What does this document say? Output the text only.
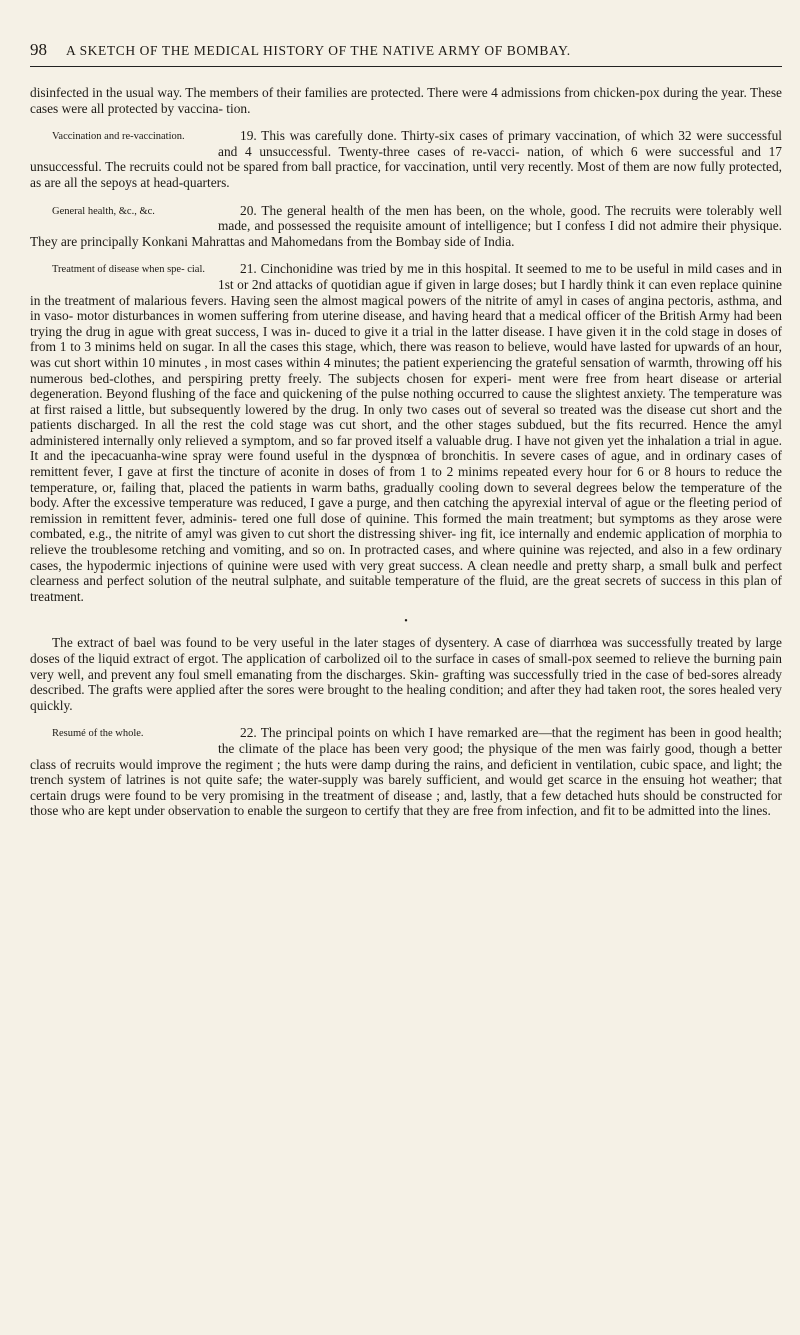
98	A SKETCH OF THE MEDICAL HISTORY OF THE NATIVE ARMY OF BOMBAY.

disinfected in the usual way. The members of their families are protected. There were 4 admissions from chicken-pox during the year. These cases were all protected by vaccina- tion.

Vaccination and re-vaccination.	19. This was carefully done. Thirty-six cases of primary vaccination, of which 32 were successful and 4 unsuccessful. Twenty-three cases of re-vacci- nation, of which 6 were successful and 17 unsuccessful. The recruits could not be spared from ball practice, for vaccination, until very recently. Most of them are now fully protected, as are all the sepoys at head-quarters.

General health, &c., &c.	20. The general health of the men has been, on the whole, good. The recruits were tolerably well made, and possessed the requisite amount of intelligence; but I confess I did not admire their physique. They are principally Konkani Mahrattas and Mahomedans from the Bombay side of India.

Treatment of disease when spe- cial.	21. Cinchonidine was tried by me in this hospital. It seemed to me to be useful in mild cases and in 1st or 2nd attacks of quotidian ague if given in large doses; but I hardly think it can even replace quinine in the treatment of malarious fevers. Having seen the almost magical powers of the nitrite of amyl in cases of angina pectoris, asthma, and in vaso- motor disturbances in women suffering from uterine disease, and having heard that a medical officer of the British Army had been trying the drug in ague with great success, I was in- duced to give it a trial in the latter disease. I have given it in the cold stage in doses of from 1 to 3 minims held on sugar. In all the cases this stage, which, there was reason to believe, would have lasted for upwards of an hour, was cut short within 10 minutes , in most cases within 4 minutes; the patient experiencing the grateful sensation of warmth, throwing off his numerous bed-clothes, and perspiring pretty freely. The subjects chosen for experi- ment were free from heart disease or arterial degeneration. Beyond flushing of the face and quickening of the pulse nothing occurred to cause the slightest anxiety. The temperature was at first raised a little, but subsequently lowered by the drug. In only two cases out of several so treated was the disease cut short and the patients discharged. In all the rest the cold stage was cut short, and the other stages subdued, but the fits recurred. Hence the amyl administered internally only relieved a symptom, and so far proved itself a valuable drug. I have not given yet the inhalation a trial in ague. It and the ipecacuanha-wine spray were found useful in the dyspnœa of bronchitis. In severe cases of ague, and in ordinary cases of remittent fever, I gave at first the tincture of aconite in doses of from 1 to 2 minims repeated every hour for 6 or 8 hours to reduce the temperature, or, failing that, placed the patients in warm baths, gradually cooling down to several degrees below the temperature of the body. After the excessive temperature was reduced, I gave a purge, and then catching the apyrexial interval of ague or the fleeting period of remission in remittent fever, adminis- tered one full dose of quinine. This formed the main treatment; but symptoms as they arose were combated, e.g., the nitrite of amyl was given to cut short the distressing shiver- ing fit, ice internally and endemic application of morphia to relieve the troublesome retching and vomiting, and so on. In protracted cases, and where quinine was rejected, and also in a few ordinary cases, the hypodermic injections of quinine were used with very great success. A clean needle and pretty sharp, a small bulk and perfect clearness and perfect solution of the neutral sulphate, and suitable temperature of the fluid, are the great secrets of success in this plan of treatment.

•

The extract of bael was found to be very useful in the later stages of dysentery. A case of diarrhœa was successfully treated by large doses of the liquid extract of ergot. The application of carbolized oil to the surface in cases of small-pox seemed to relieve the burning pain very well, and prevent any foul smell emanating from the discharges. Skin- grafting was successfully tried in the case of bed-sores already described. The grafts were applied after the sores were brought to the healing condition; and after they had taken root, the sores healed very quickly.

Resumé of the whole.	22. The principal points on which I have remarked are—that the regiment has been in good health; the climate of the place has been very good; the physique of the men was fairly good, though a better class of recruits would improve the regiment ; the huts were damp during the rains, and deficient in ventilation, cubic space, and light; the trench system of latrines is not quite safe; the water-supply was barely sufficient, and would get scarce in the ensuing hot weather; that certain drugs were found to be very promising in the treatment of disease ; and, lastly, that a few detached huts should be constructed for those who are kept under observation to enable the surgeon to certify that they are free from infection, and fit to be admitted into the lines.
